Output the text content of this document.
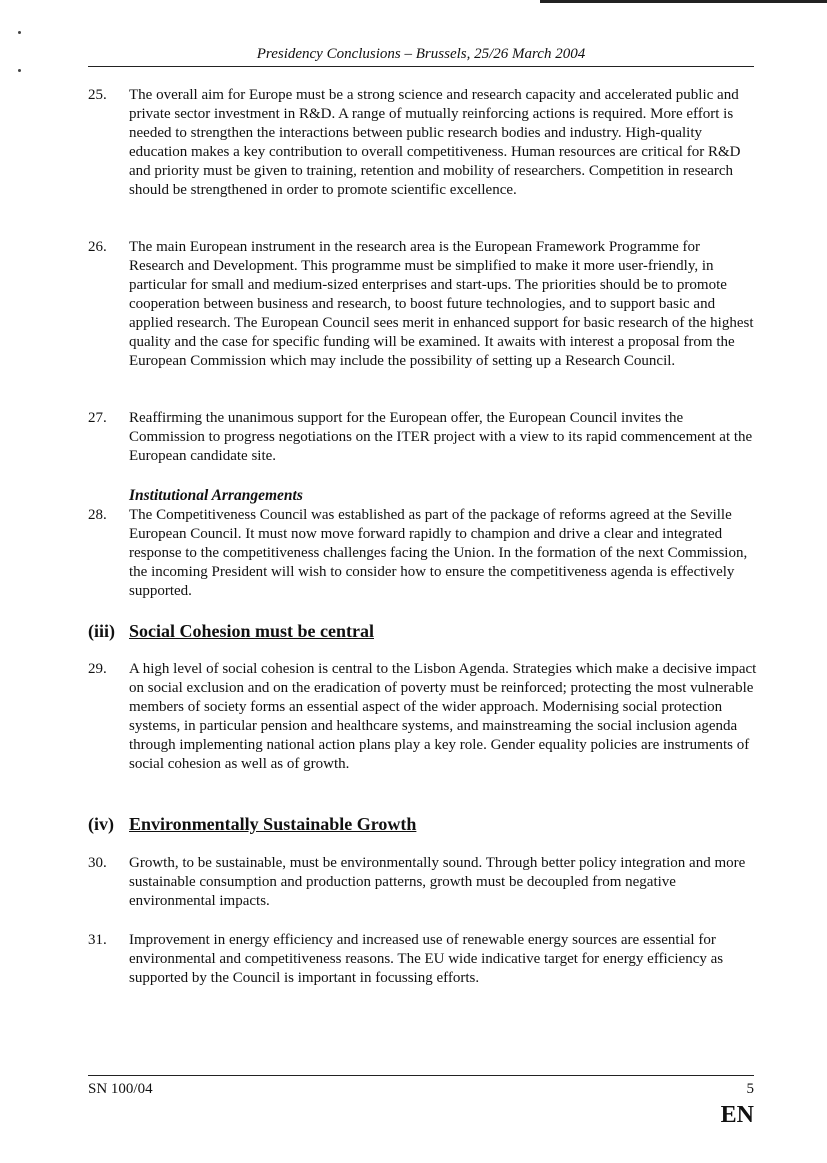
Presidency Conclusions – Brussels, 25/26 March 2004
25.	The overall aim for Europe must be a strong science and research capacity and accelerated public and private sector investment in R&D. A range of mutually reinforcing actions is required. More effort is needed to strengthen the interactions between public research bodies and industry. High-quality education makes a key contribution to overall competitiveness. Human resources are critical for R&D and priority must be given to training, retention and mobility of researchers. Competition in research should be strengthened in order to promote scientific excellence.
26.	The main European instrument in the research area is the European Framework Programme for Research and Development. This programme must be simplified to make it more user-friendly, in particular for small and medium-sized enterprises and start-ups. The priorities should be to promote cooperation between business and research, to boost future technologies, and to support basic and applied research. The European Council sees merit in enhanced support for basic research of the highest quality and the case for specific funding will be examined. It awaits with interest a proposal from the European Commission which may include the possibility of setting up a Research Council.
27.	Reaffirming the unanimous support for the European offer, the European Council invites the Commission to progress negotiations on the ITER project with a view to its rapid commencement at the European candidate site.
Institutional Arrangements
28.	The Competitiveness Council was established as part of the package of reforms agreed at the Seville European Council. It must now move forward rapidly to champion and drive a clear and integrated response to the competitiveness challenges facing the Union. In the formation of the next Commission, the incoming President will wish to consider how to ensure the competitiveness agenda is effectively supported.
(iii) Social Cohesion must be central
29.	A high level of social cohesion is central to the Lisbon Agenda. Strategies which make a decisive impact on social exclusion and on the eradication of poverty must be reinforced; protecting the most vulnerable members of society forms an essential aspect of the wider approach. Modernising social protection systems, in particular pension and healthcare systems, and mainstreaming the social inclusion agenda through implementing national action plans play a key role. Gender equality policies are instruments of social cohesion as well as of growth.
(iv) Environmentally Sustainable Growth
30.	Growth, to be sustainable, must be environmentally sound. Through better policy integration and more sustainable consumption and production patterns, growth must be decoupled from negative environmental impacts.
31.	Improvement in energy efficiency and increased use of renewable energy sources are essential for environmental and competitiveness reasons. The EU wide indicative target for energy efficiency as supported by the Council is important in focussing efforts.
SN 100/04	5
EN
